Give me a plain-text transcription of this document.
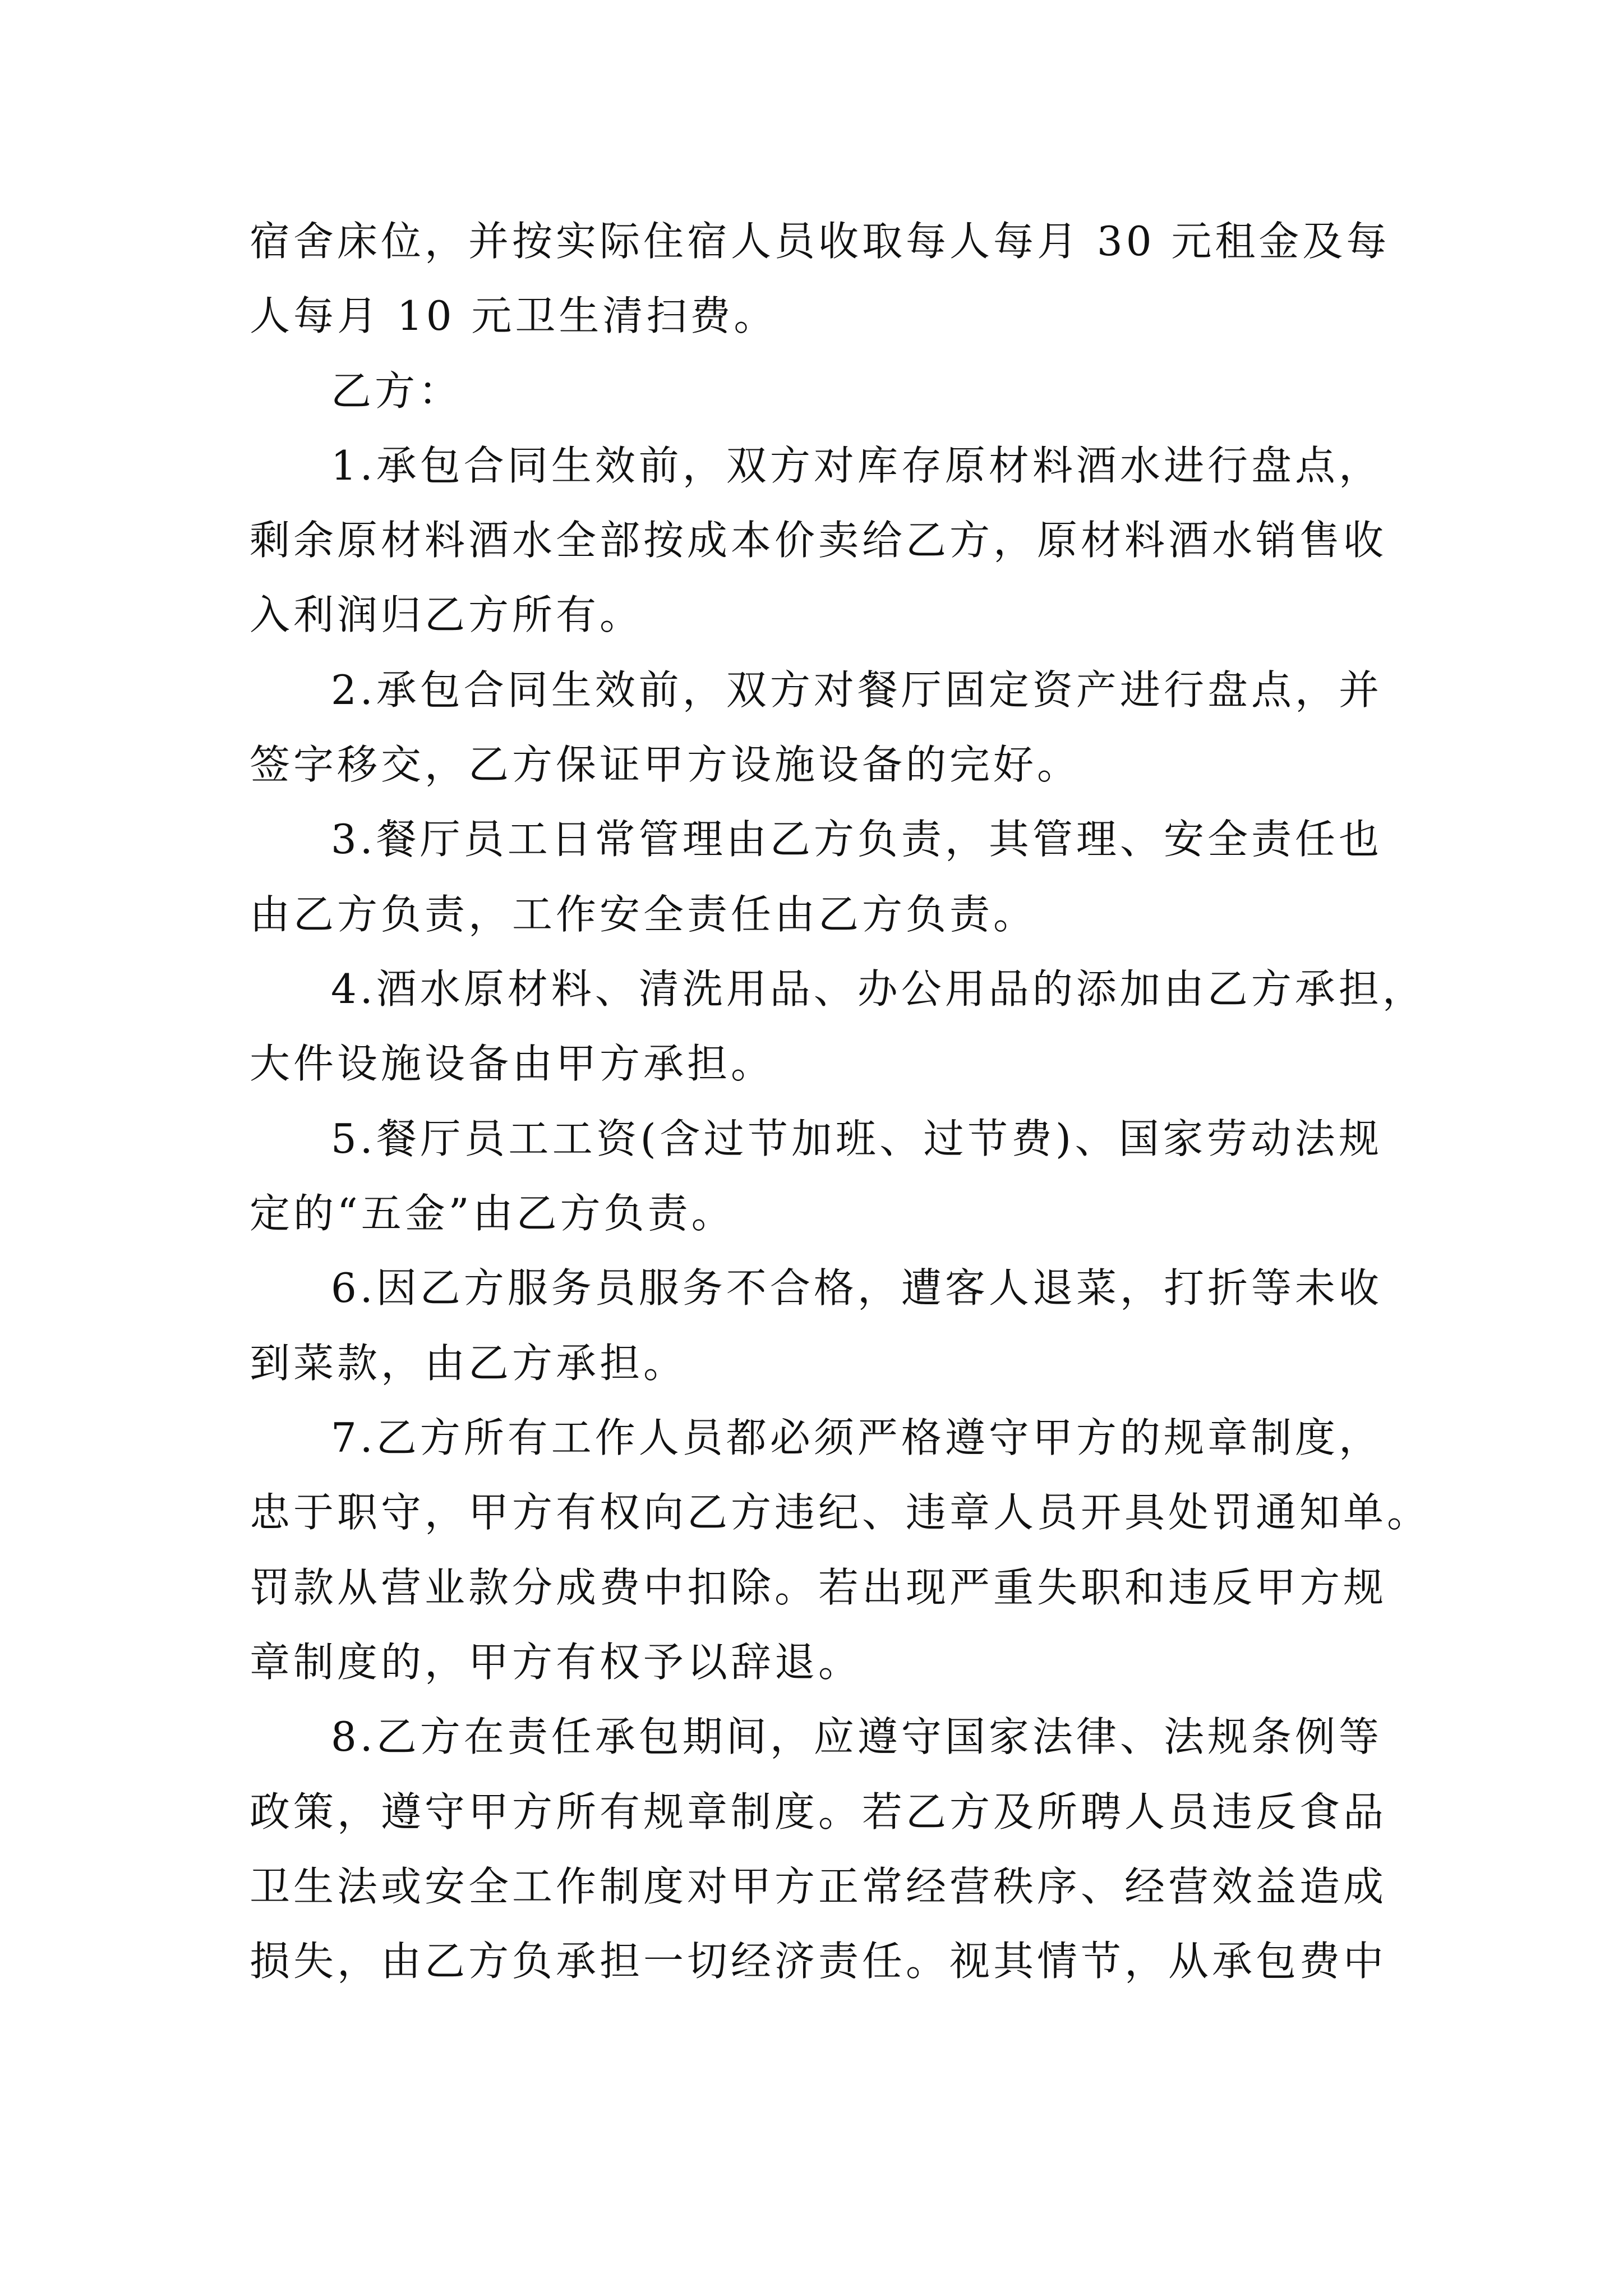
宿舍床位，并按实际住宿人员收取每人每月 30 元租金及每
人每月 10 元卫生清扫费。
乙方：
1.承包合同生效前，双方对库存原材料酒水进行盘点，
剩余原材料酒水全部按成本价卖给乙方，原材料酒水销售收
入利润归乙方所有。
2.承包合同生效前，双方对餐厅固定资产进行盘点，并
签字移交，乙方保证甲方设施设备的完好。
3.餐厅员工日常管理由乙方负责，其管理、安全责任也
由乙方负责，工作安全责任由乙方负责。
4.酒水原材料、清洗用品、办公用品的添加由乙方承担，
大件设施设备由甲方承担。
5.餐厅员工工资(含过节加班、过节费)、国家劳动法规
定的“五金”由乙方负责。
6.因乙方服务员服务不合格，遭客人退菜，打折等未收
到菜款，由乙方承担。
7.乙方所有工作人员都必须严格遵守甲方的规章制度，
忠于职守，甲方有权向乙方违纪、违章人员开具处罚通知单。
罚款从营业款分成费中扣除。若出现严重失职和违反甲方规
章制度的，甲方有权予以辞退。
8.乙方在责任承包期间，应遵守国家法律、法规条例等
政策，遵守甲方所有规章制度。若乙方及所聘人员违反食品
卫生法或安全工作制度对甲方正常经营秩序、经营效益造成
损失，由乙方负承担一切经济责任。视其情节，从承包费中
